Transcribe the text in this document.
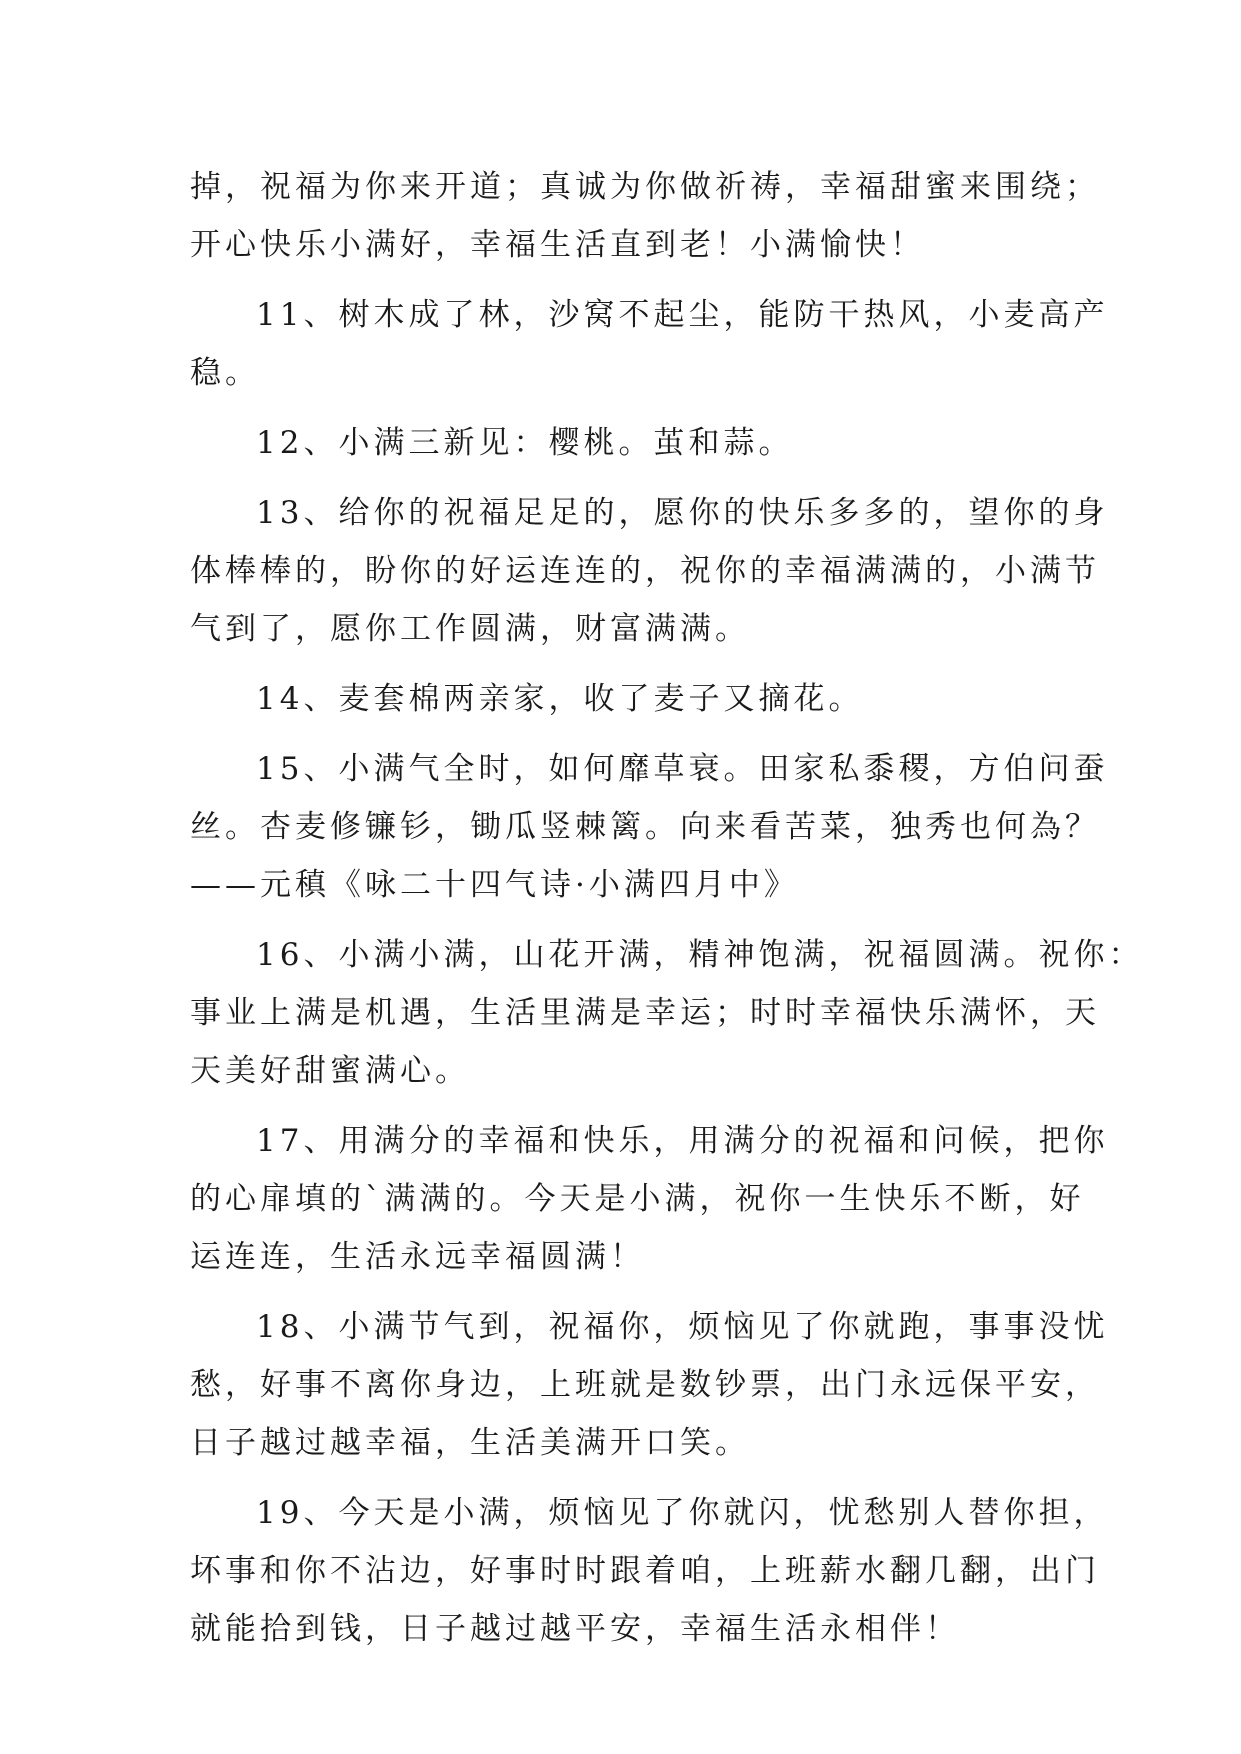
掉，祝福为你来开道；真诚为你做祈祷，幸福甜蜜来围绕；
开心快乐小满好，幸福生活直到老！小满愉快！

11、树木成了林，沙窝不起尘，能防干热风，小麦高产
稳。

12、小满三新见：樱桃。茧和蒜。

13、给你的祝福足足的，愿你的快乐多多的，望你的身
体棒棒的，盼你的好运连连的，祝你的幸福满满的，小满节
气到了，愿你工作圆满，财富满满。

14、麦套棉两亲家，收了麦子又摘花。

15、小满气全时，如何靡草衰。田家私黍稷，方伯问蚕
丝。杏麦修镰钐，锄瓜竖棘篱。向来看苦菜，独秀也何為？
——元稹《咏二十四气诗·小满四月中》

16、小满小满，山花开满，精神饱满，祝福圆满。祝你：
事业上满是机遇，生活里满是幸运；时时幸福快乐满怀，天
天美好甜蜜满心。

17、用满分的幸福和快乐，用满分的祝福和问候，把你
的心扉填的`满满的。今天是小满，祝你一生快乐不断，好
运连连，生活永远幸福圆满！

18、小满节气到，祝福你，烦恼见了你就跑，事事没忧
愁，好事不离你身边，上班就是数钞票，出门永远保平安，
日子越过越幸福，生活美满开口笑。

19、今天是小满，烦恼见了你就闪，忧愁别人替你担，
坏事和你不沾边，好事时时跟着咱，上班薪水翻几翻，出门
就能拾到钱，日子越过越平安，幸福生活永相伴！
